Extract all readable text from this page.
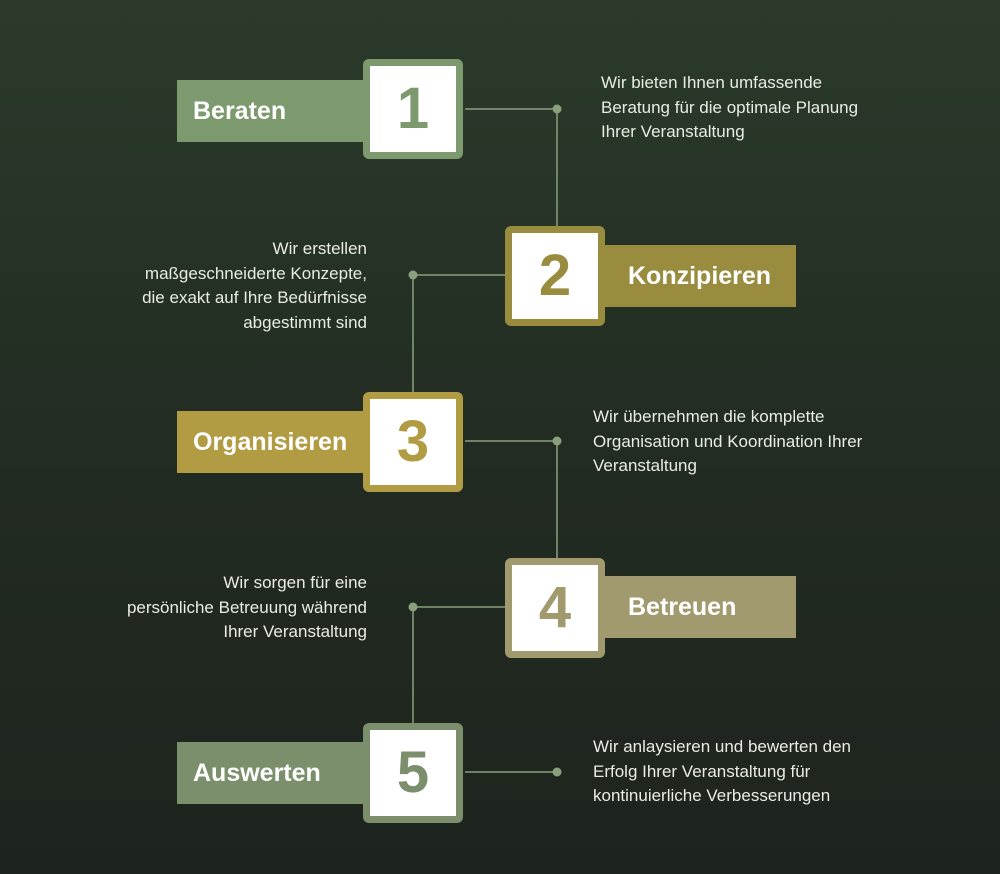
Beraten	1	Wir bieten Ihnen umfassende
Beratung für die optimale Planung
Ihrer Veranstaltung
Konzipieren
2
Wir erstellen
maßgeschneiderte Konzepte,
die exakt auf Ihre Bedürfnisse
abgestimmt sind
Organisieren 3	Wir übernehmen die komplette
Organisation und Koordination Ihrer
Veranstaltung
Betreuen
4
Wir sorgen für eine
persönliche Betreuung während
Ihrer Veranstaltung
Auswerten	5	Wir anlaysieren und bewerten den
Erfolg Ihrer Veranstaltung für
kontinuierliche Verbesserungen
